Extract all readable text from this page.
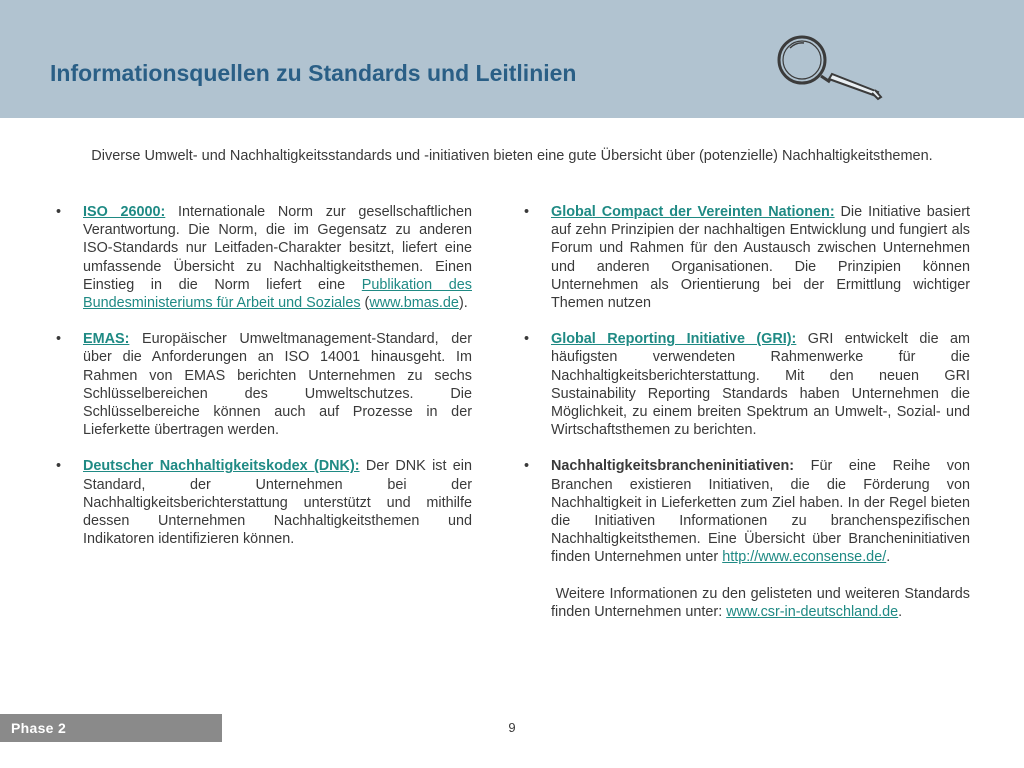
Informationsquellen zu Standards und Leitlinien
Diverse Umwelt- und Nachhaltigkeitsstandards und -initiativen bieten eine gute Übersicht über (potenzielle) Nachhaltigkeitsthemen.
•	ISO 26000: Internationale Norm zur gesellschaftlichen Verantwortung. Die Norm, die im Gegensatz zu anderen ISO-Standards nur Leitfaden-Charakter besitzt, liefert eine umfassende Übersicht zu Nachhaltigkeitsthemen. Einen Einstieg in die Norm liefert eine Publikation des Bundesministeriums für Arbeit und Soziales (www.bmas.de).
•	EMAS: Europäischer Umweltmanagement-Standard, der über die Anforderungen an ISO 14001 hinausgeht. Im Rahmen von EMAS berichten Unternehmen zu sechs Schlüsselbereichen des Umweltschutzes. Die Schlüsselbereiche können auch auf Prozesse in der Lieferkette übertragen werden.
•	Deutscher Nachhaltigkeitskodex (DNK): Der DNK ist ein Standard, der Unternehmen bei der Nachhaltigkeitsberichterstattung unterstützt und mithilfe dessen Unternehmen Nachhaltigkeitsthemen und Indikatoren identifizieren können.
•	Global Compact der Vereinten Nationen: Die Initiative basiert auf zehn Prinzipien der nachhaltigen Entwicklung und fungiert als Forum und Rahmen für den Austausch zwischen Unternehmen und anderen Organisationen. Die Prinzipien können Unternehmen als Orientierung bei der Ermittlung wichtiger Themen nutzen
•	Global Reporting Initiative (GRI): GRI entwickelt die am häufigsten verwendeten Rahmenwerke für die Nachhaltigkeitsberichterstattung. Mit den neuen GRI Sustainability Reporting Standards haben Unternehmen die Möglichkeit, zu einem breiten Spektrum an Umwelt-, Sozial- und Wirtschaftsthemen zu berichten.
•	Nachhaltigkeitsbrancheninitiativen: Für eine Reihe von Branchen existieren Initiativen, die die Förderung von Nachhaltigkeit in Lieferketten zum Ziel haben. In der Regel bieten die Initiativen Informationen zu branchenspezifischen Nachhaltigkeitsthemen. Eine Übersicht über Brancheninitiativen finden Unternehmen unter http://www.econsense.de/.
Weitere Informationen zu den gelisteten und weiteren Standards finden Unternehmen unter: www.csr-in-deutschland.de.
Phase 2	9
